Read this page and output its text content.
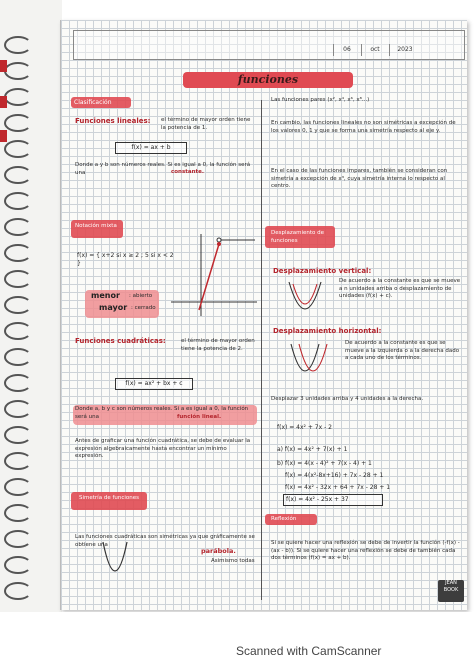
06	oct	2023
funciones
Clasificación
Funciones lineales: el término de mayor orden tiene la potencia de 1.
f(x) = ax + b
Donde a y b son números reales. Si es igual a 0, la función será una	constante.
Notación mixta
f(x) = { x+2 si x ≥ 2 ; 5 si x < 2 }
menor : abierto
mayor : cerrado
Funciones cuadráticas:	el término de mayor orden tiene la potencia de 2.
f(x) = ax² + bx + c
Donde a, b y c son números reales. Si a es igual a 0, la función será una	función lineal.
Antes de graficar una función cuadrática, se debe de evaluar la expresión algebraicamente hasta encontrar un mínimo expresión.
Simetría de funciones
Las funciones cuadráticas son simétricas ya que gráficamente se obtiene una
parábola.
Asimismo todas
Las funciones pares (x², x⁴, x⁶, x⁸...)
En cambio, las funciones lineales no son simétricas a excepción de los valores 0, 1 y que se forma una simetría respecto al eje y.
En el caso de las funciones impares, también se consideran con simetría a excepción de x³, cuya simetría interna lo respecto al centro.
Desplazamiento de funciones
Desplazamiento vertical:
De acuerdo a la constante es que se mueve a n unidades arriba o desplazamiento de unidades (f(x) + c).
Desplazamiento horizontal:
De acuerdo a la constante es que se mueve a la izquierda o a la derecha dado a cada uno de los términos.
Desplazar 3 unidades arriba y 4 unidades a la derecha.
f(x) = 4x² + 7x - 2
a) f(x) = 4x² + 7(x) + 1
b) f(x) = 4(x - 4)² + 7(x - 4) + 1
f(x) = 4(x²-8x+16) + 7x - 28 + 1
f(x) = 4x² - 32x + 64 + 7x - 28 + 1
f(x) = 4x² - 25x + 37
Reflexión
Si se quiere hacer una reflexión se debe de invertir la función (-f(x) - (ax - b)). Si se quiere hacer una reflexión se debe de también cada dos términos (f(x) = ax + b).
JEAN BOOK
Scanned with CamScanner
